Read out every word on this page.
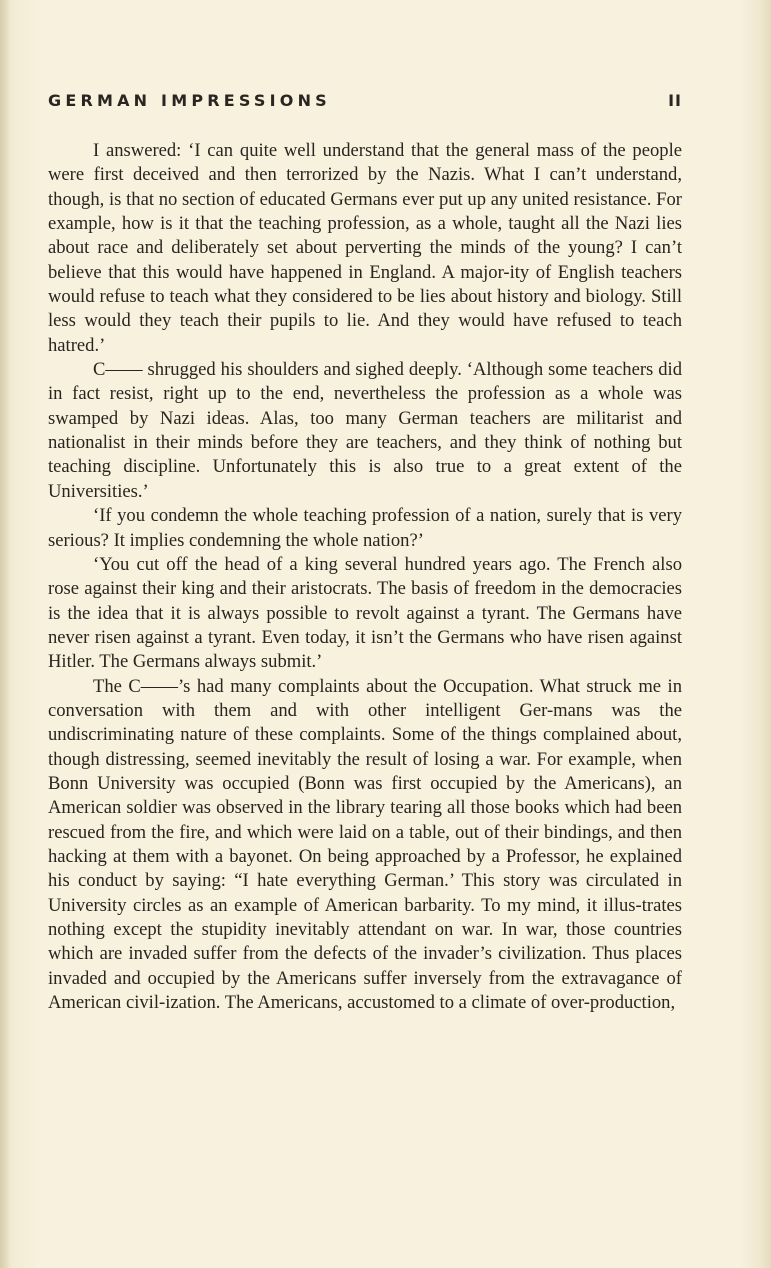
GERMAN IMPRESSIONS	II

I answered: ‘I can quite well understand that the general mass of the people were first deceived and then terrorized by the Nazis. What I can’t understand, though, is that no section of educated Germans ever put up any united resistance. For example, how is it that the teaching profession, as a whole, taught all the Nazi lies about race and deliberately set about perverting the minds of the young? I can’t believe that this would have happened in England. A major-ity of English teachers would refuse to teach what they considered to be lies about history and biology. Still less would they teach their pupils to lie. And they would have refused to teach hatred.’

C—— shrugged his shoulders and sighed deeply. ‘Although some teachers did in fact resist, right up to the end, nevertheless the profession as a whole was swamped by Nazi ideas. Alas, too many German teachers are militarist and nationalist in their minds before they are teachers, and they think of nothing but teaching discipline. Unfortunately this is also true to a great extent of the Universities.’

‘If you condemn the whole teaching profession of a nation, surely that is very serious? It implies condemning the whole nation?’

‘You cut off the head of a king several hundred years ago. The French also rose against their king and their aristocrats. The basis of freedom in the democracies is the idea that it is always possible to revolt against a tyrant. The Germans have never risen against a tyrant. Even today, it isn’t the Germans who have risen against Hitler. The Germans always submit.’

The C——’s had many complaints about the Occupation. What struck me in conversation with them and with other intelligent Ger-mans was the undiscriminating nature of these complaints. Some of the things complained about, though distressing, seemed inevitably the result of losing a war. For example, when Bonn University was occupied (Bonn was first occupied by the Americans), an American soldier was observed in the library tearing all those books which had been rescued from the fire, and which were laid on a table, out of their bindings, and then hacking at them with a bayonet. On being approached by a Professor, he explained his conduct by saying: “I hate everything German.’ This story was circulated in University circles as an example of American barbarity. To my mind, it illus-trates nothing except the stupidity inevitably attendant on war. In war, those countries which are invaded suffer from the defects of the invader’s civilization. Thus places invaded and occupied by the Americans suffer inversely from the extravagance of American civil-ization. The Americans, accustomed to a climate of over-production,
